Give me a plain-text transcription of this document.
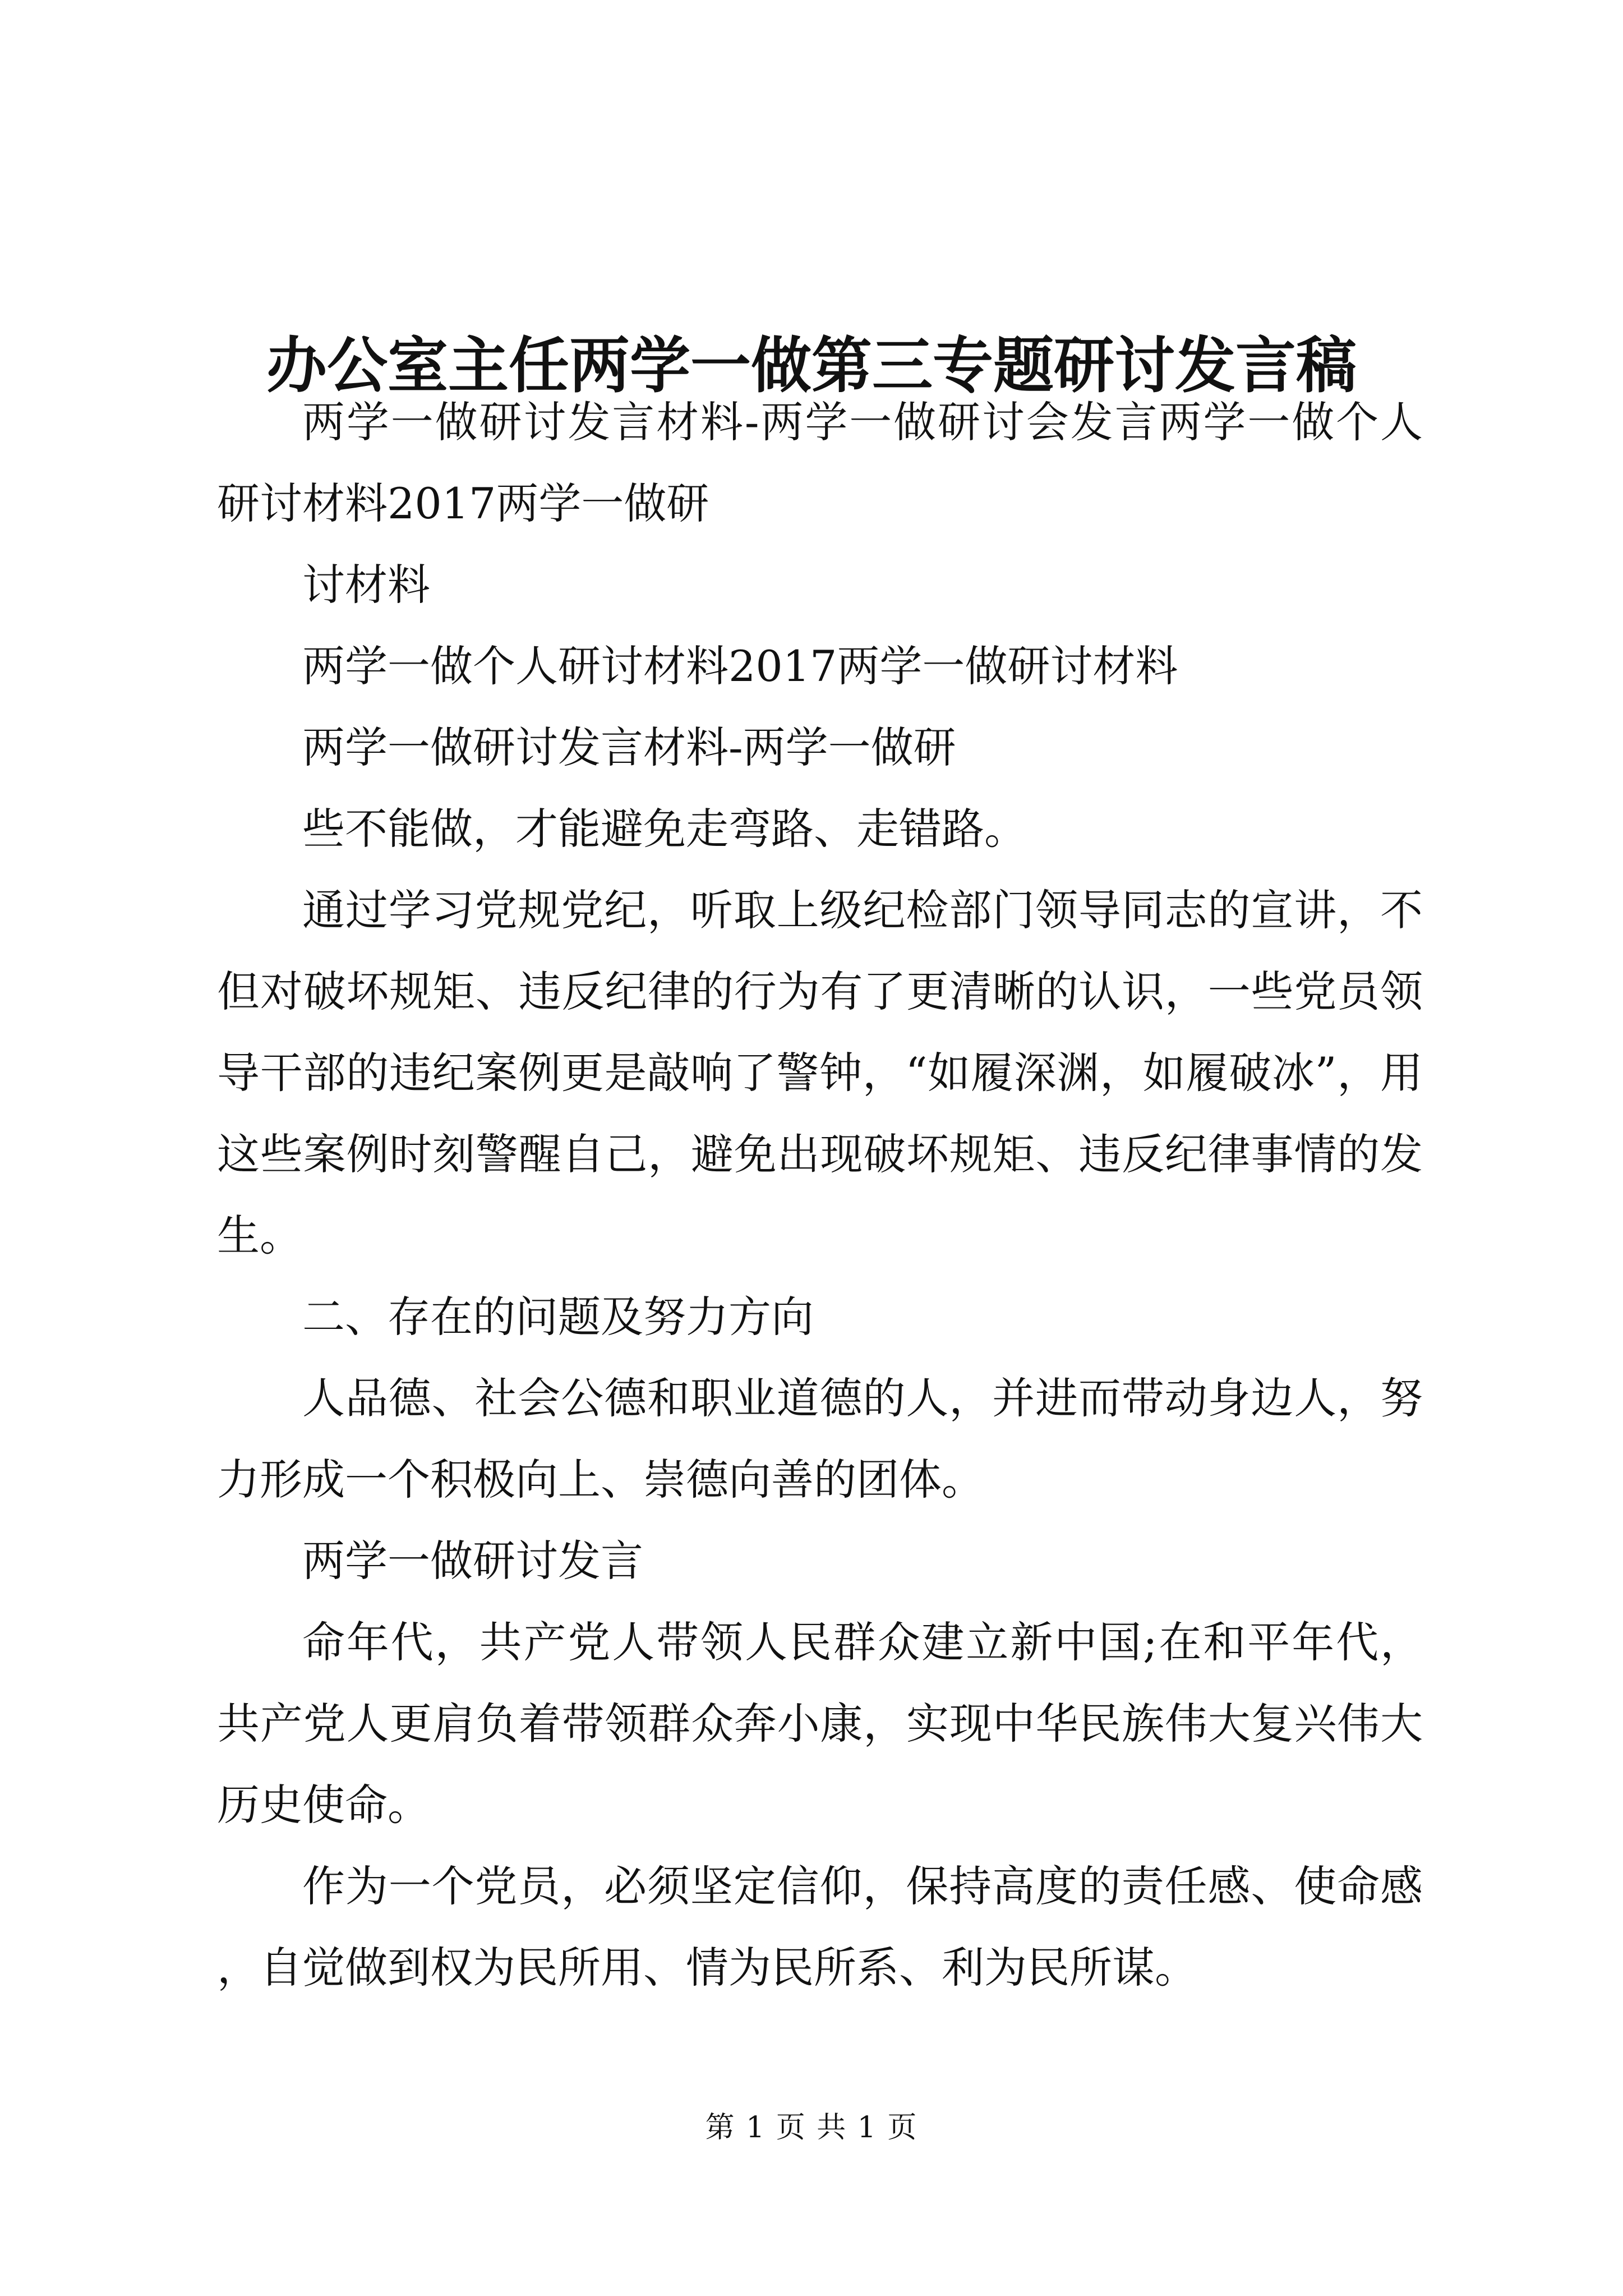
办公室主任两学一做第三专题研讨发言稿

两学一做研讨发言材料-两学一做研讨会发言两学一做个人研讨材料2017两学一做研

讨材料

两学一做个人研讨材料2017两学一做研讨材料

两学一做研讨发言材料-两学一做研

些不能做，才能避免走弯路、走错路。

通过学习党规党纪，听取上级纪检部门领导同志的宣讲，不但对破坏规矩、违反纪律的行为有了更清晰的认识，一些党员领导干部的违纪案例更是敲响了警钟，“如履深渊，如履破冰”，用这些案例时刻警醒自己，避免出现破坏规矩、违反纪律事情的发生。

二、存在的问题及努力方向

人品德、社会公德和职业道德的人，并进而带动身边人，努力形成一个积极向上、崇德向善的团体。

两学一做研讨发言

命年代，共产党人带领人民群众建立新中国;在和平年代，共产党人更肩负着带领群众奔小康，实现中华民族伟大复兴伟大历史使命。

作为一个党员，必须坚定信仰，保持高度的责任感、使命感，自觉做到权为民所用、情为民所系、利为民所谋。

第 1 页 共 1 页
